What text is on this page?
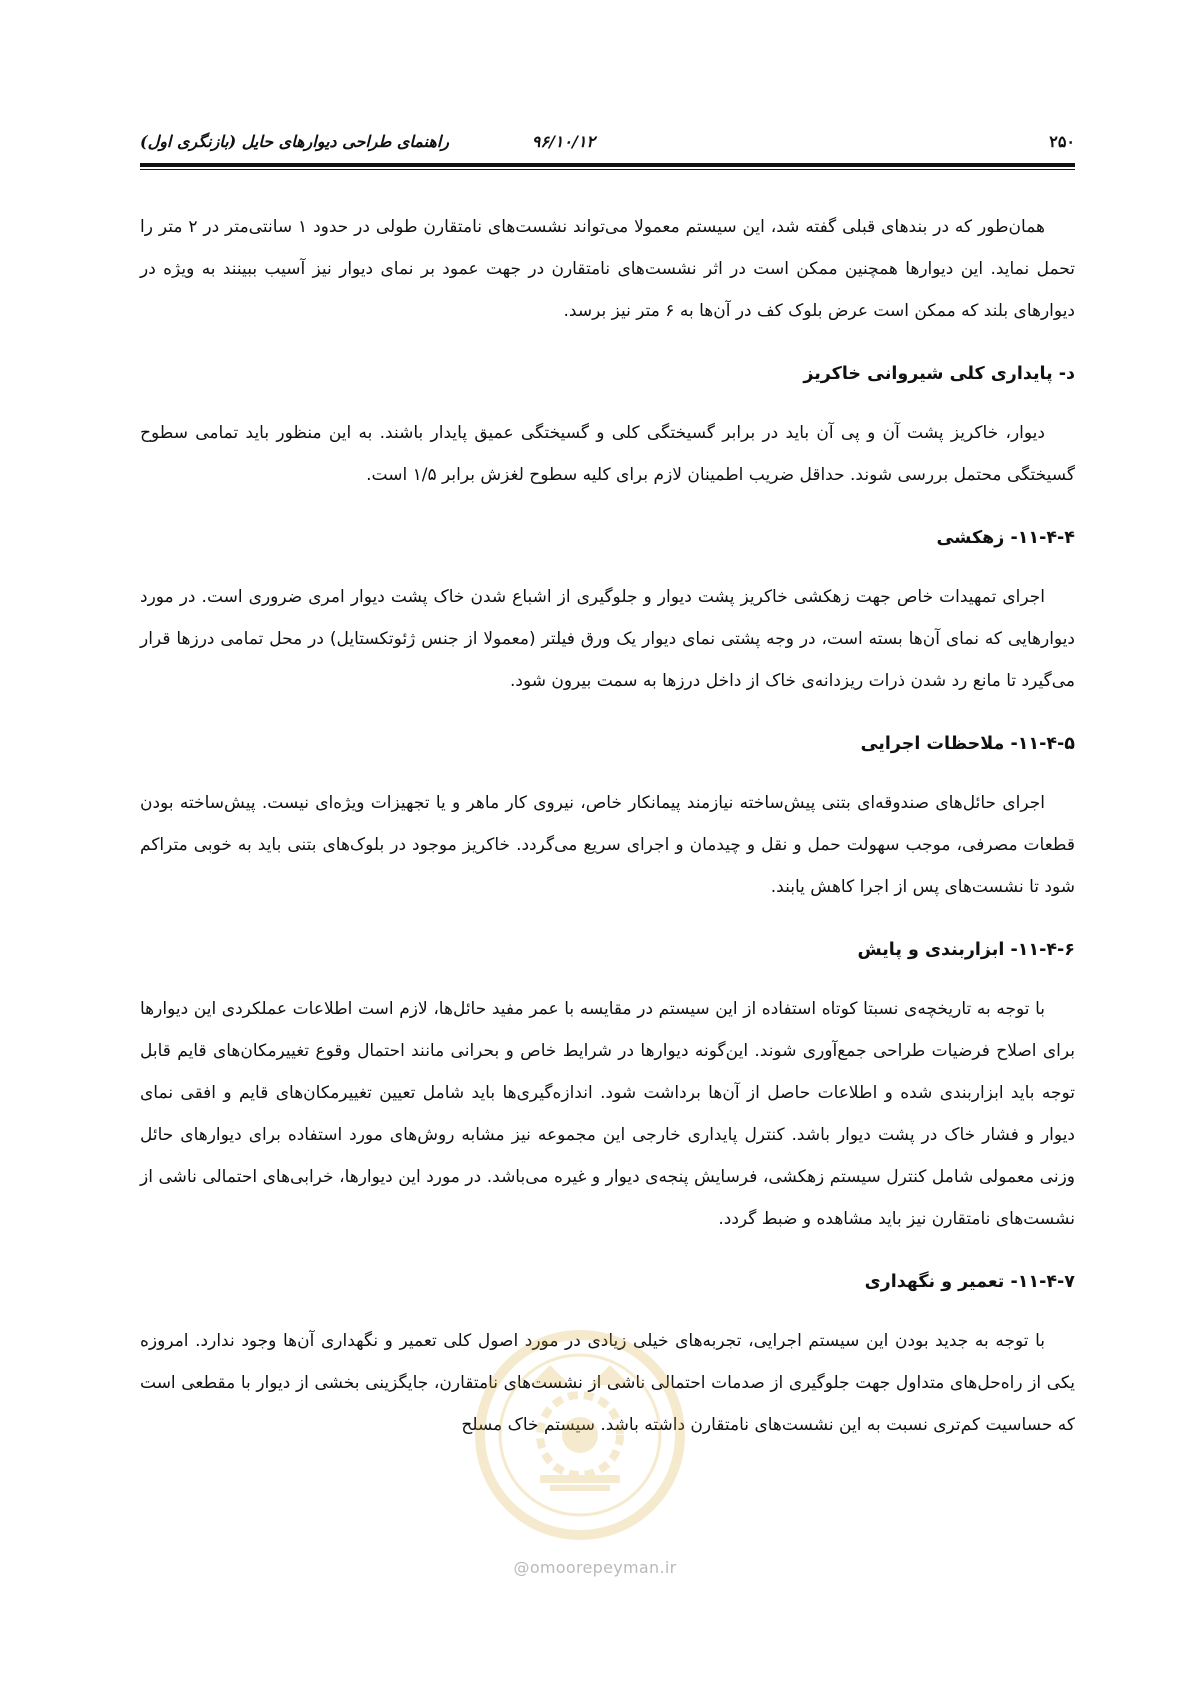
۲۵۰
۹۶/۱۰/۱۲
راهنمای طراحی دیوارهای حایل (بازنگری اول)

همان‌طور که در بندهای قبلی گفته شد، این سیستم معمولا می‌تواند نشست‌های نامتقارن طولی در حدود ۱ سانتی‌متر در ۲ متر را تحمل نماید. این دیوارها همچنین ممکن است در اثر نشست‌های نامتقارن در جهت عمود بر نمای دیوار نیز آسیب ببینند به ویژه در دیوارهای بلند که ممکن است عرض بلوک کف در آن‌ها به ۶ متر نیز برسد.

د- پایداری کلی شیروانی خاکریز

دیوار، خاکریز پشت آن و پی آن باید در برابر گسیختگی کلی و گسیختگی عمیق پایدار باشند. به این منظور باید تمامی سطوح گسیختگی محتمل بررسی شوند. حداقل ضریب اطمینان لازم برای کلیه سطوح لغزش برابر ۱/۵ است.

۱۱-۴-۴- زهکشی

اجرای تمهیدات خاص جهت زهکشی خاکریز پشت دیوار و جلوگیری از اشباع شدن خاک پشت دیوار امری ضروری است. در مورد دیوارهایی که نمای آن‌ها بسته است، در وجه پشتی نمای دیوار یک ورق فیلتر (معمولا از جنس ژئوتکستایل) در محل تمامی درزها قرار می‌گیرد تا مانع رد شدن ذرات ریزدانه‌ی خاک از داخل درزها به سمت بیرون شود.

۱۱-۴-۵- ملاحظات اجرایی

اجرای حائل‌های صندوقه‌ای بتنی پیش‌ساخته نیازمند پیمانکار خاص، نیروی کار ماهر و یا تجهیزات ویژه‌ای نیست. پیش‌ساخته بودن قطعات مصرفی، موجب سهولت حمل و نقل و چیدمان و اجرای سریع می‌گردد. خاکریز موجود در بلوک‌های بتنی باید به خوبی متراکم شود تا نشست‌های پس از اجرا کاهش یابند.

۱۱-۴-۶- ابزاربندی و پایش

با توجه به تاریخچه‌ی نسبتا کوتاه استفاده از این سیستم در مقایسه با عمر مفید حائل‌ها، لازم است اطلاعات عملکردی این دیوارها برای اصلاح فرضیات طراحی جمع‌آوری شوند. این‌گونه دیوارها در شرایط خاص و بحرانی مانند احتمال وقوع تغییرمکان‌های قایم قابل توجه باید ابزاربندی شده و اطلاعات حاصل از آن‌ها برداشت شود. اندازه‌گیری‌ها باید شامل تعیین تغییرمکان‌های قایم و افقی نمای دیوار و فشار خاک در پشت دیوار باشد. کنترل پایداری خارجی این مجموعه نیز مشابه روش‌های مورد استفاده برای دیوارهای حائل وزنی معمولی شامل کنترل سیستم زهکشی، فرسایش پنجه‌ی دیوار و غیره می‌باشد. در مورد این دیوارها، خرابی‌های احتمالی ناشی از نشست‌های نامتقارن نیز باید مشاهده و ضبط گردد.

۱۱-۴-۷- تعمیر و نگهداری

با توجه به جدید بودن این سیستم اجرایی، تجربه‌های خیلی زیادی در مورد اصول کلی تعمیر و نگهداری آن‌ها وجود ندارد. امروزه یکی از راه‌حل‌های متداول جهت جلوگیری از صدمات احتمالی ناشی از نشست‌های نامتقارن، جایگزینی بخشی از دیوار با مقطعی است که حساسیت کم‌تری نسبت به این نشست‌های نامتقارن داشته باشد. سیستم خاک مسلح

@omoorepeyman.ir
